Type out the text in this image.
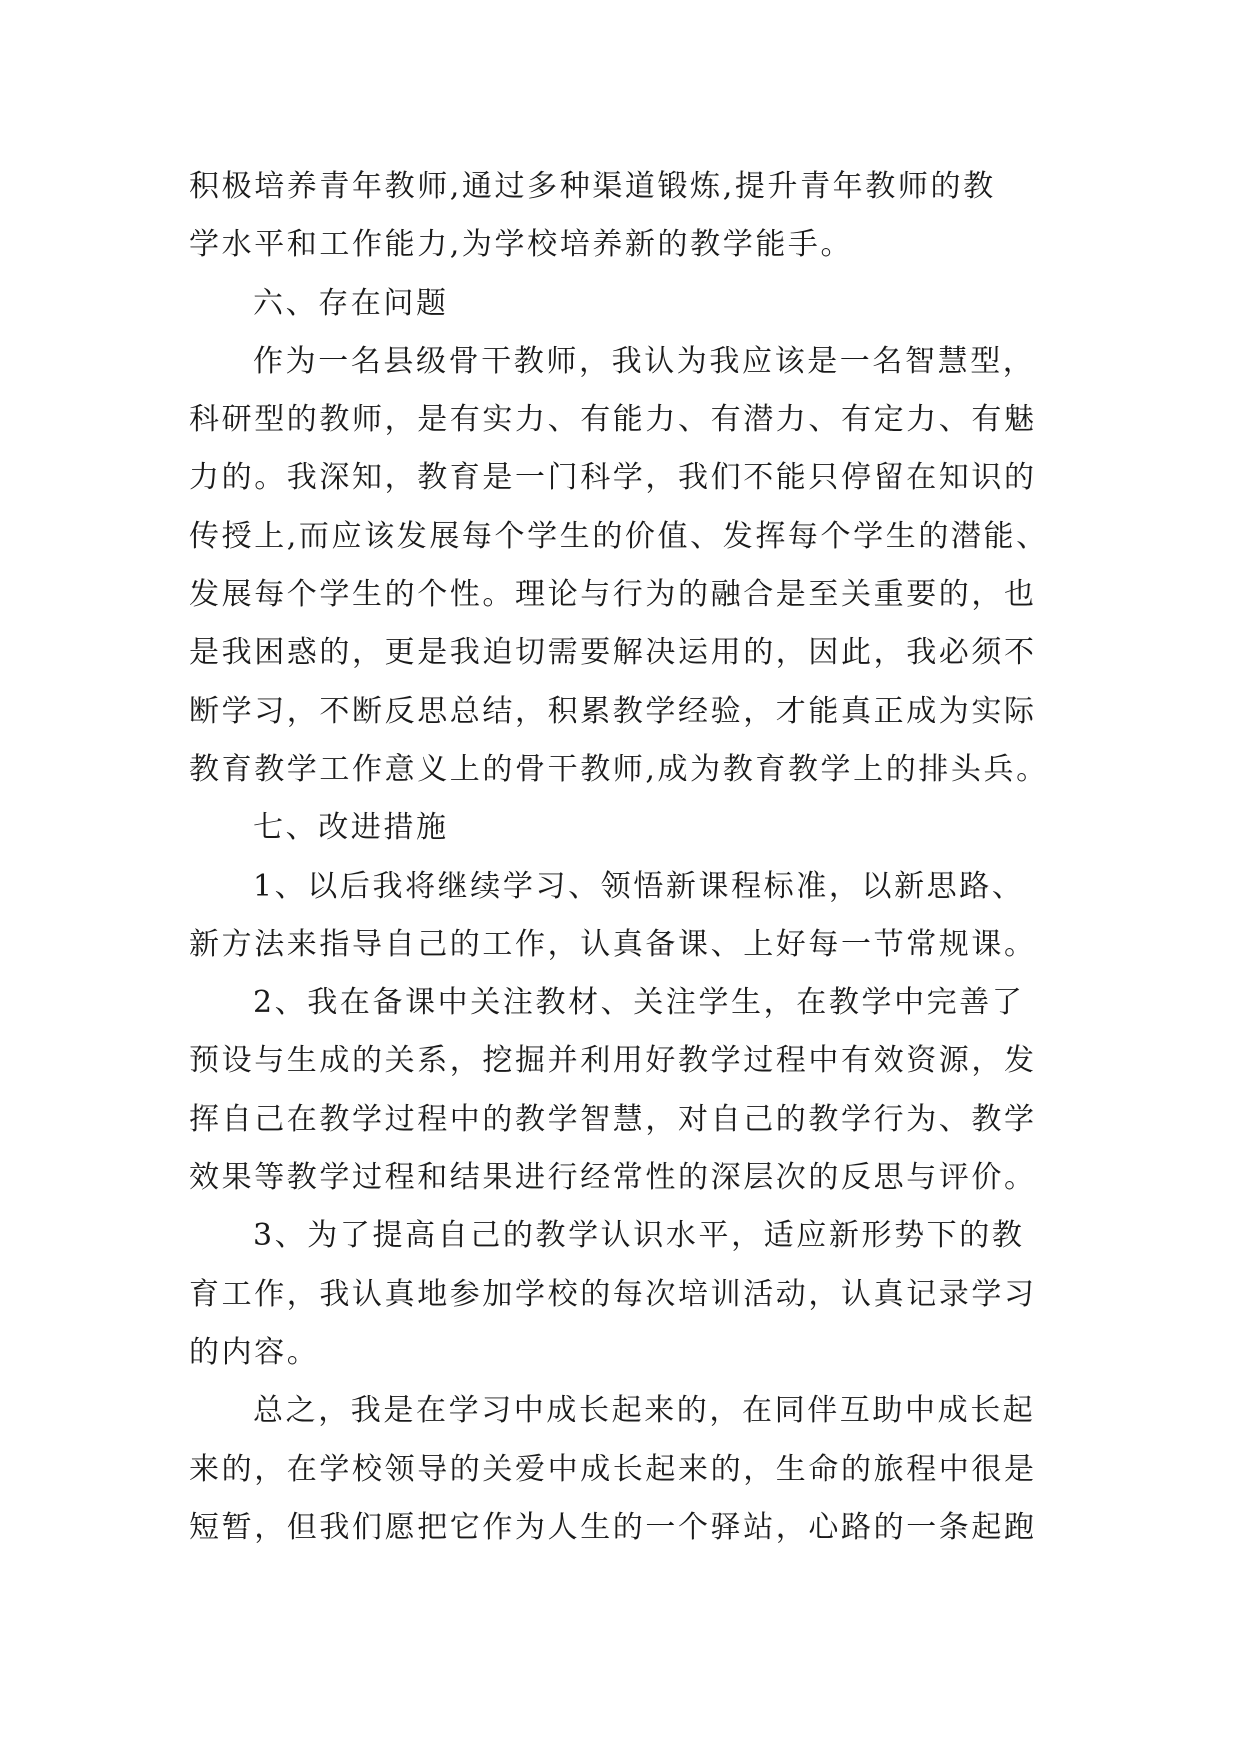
积极培养青年教师,通过多种渠道锻炼,提升青年教师的教
学水平和工作能力,为学校培养新的教学能手。
六、存在问题
作为一名县级骨干教师，我认为我应该是一名智慧型，
科研型的教师，是有实力、有能力、有潜力、有定力、有魅
力的。我深知，教育是一门科学，我们不能只停留在知识的
传授上,而应该发展每个学生的价值、发挥每个学生的潜能、
发展每个学生的个性。理论与行为的融合是至关重要的，也
是我困惑的，更是我迫切需要解决运用的，因此，我必须不
断学习，不断反思总结，积累教学经验，才能真正成为实际
教育教学工作意义上的骨干教师,成为教育教学上的排头兵。
七、改进措施
1、以后我将继续学习、领悟新课程标准，以新思路、
新方法来指导自己的工作，认真备课、上好每一节常规课。
2、我在备课中关注教材、关注学生，在教学中完善了
预设与生成的关系，挖掘并利用好教学过程中有效资源，发
挥自己在教学过程中的教学智慧，对自己的教学行为、教学
效果等教学过程和结果进行经常性的深层次的反思与评价。
3、为了提高自己的教学认识水平，适应新形势下的教
育工作，我认真地参加学校的每次培训活动，认真记录学习
的内容。
总之，我是在学习中成长起来的，在同伴互助中成长起
来的，在学校领导的关爱中成长起来的，生命的旅程中很是
短暂，但我们愿把它作为人生的一个驿站，心路的一条起跑
